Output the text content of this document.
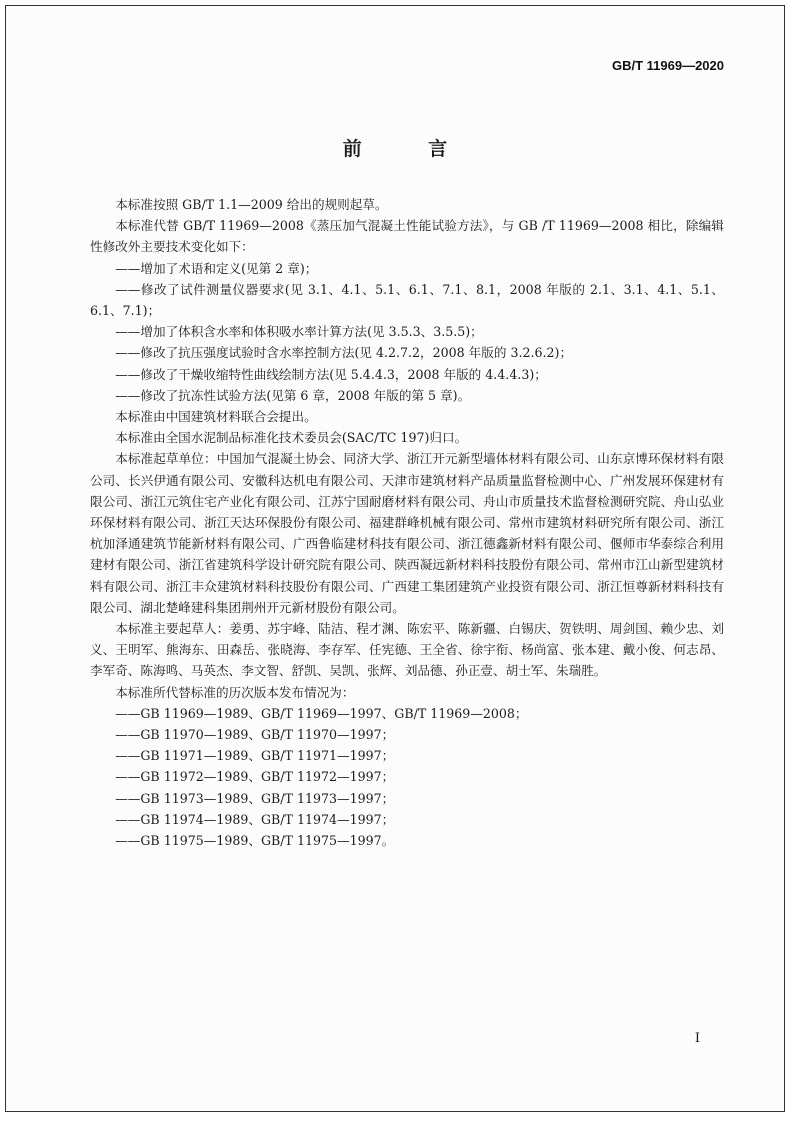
GB/T 11969—2020
前 言

本标准按照 GB/T 1.1—2009 给出的规则起草。

本标准代替 GB/T 11969—2008《蒸压加气混凝土性能试验方法》，与 GB /T 11969—2008 相比，除编辑性修改外主要技术变化如下：

——增加了术语和定义(见第 2 章)；

——修改了试件测量仪器要求(见 3.1、4.1、5.1、6.1、7.1、8.1，2008 年版的 2.1、3.1、4.1、5.1、6.1、7.1)；

——增加了体积含水率和体积吸水率计算方法(见 3.5.3、3.5.5)；

——修改了抗压强度试验时含水率控制方法(见 4.2.7.2，2008 年版的 3.2.6.2)；

——修改了干燥收缩特性曲线绘制方法(见 5.4.4.3，2008 年版的 4.4.4.3)；

——修改了抗冻性试验方法(见第 6 章，2008 年版的第 5 章)。

本标准由中国建筑材料联合会提出。

本标准由全国水泥制品标准化技术委员会(SAC/TC 197)归口。

本标准起草单位：中国加气混凝土协会、同济大学、浙江开元新型墙体材料有限公司、山东京博环保材料有限公司、长兴伊通有限公司、安徽科达机电有限公司、天津市建筑材料产品质量监督检测中心、广州发展环保建材有限公司、浙江元筑住宅产业化有限公司、江苏宁国耐磨材料有限公司、舟山市质量技术监督检测研究院、舟山弘业环保材料有限公司、浙江天达环保股份有限公司、福建群峰机械有限公司、常州市建筑材料研究所有限公司、浙江杭加泽通建筑节能新材料有限公司、广西鲁临建材科技有限公司、浙江德鑫新材料有限公司、偃师市华泰综合利用建材有限公司、浙江省建筑科学设计研究院有限公司、陕西凝远新材料科技股份有限公司、常州市江山新型建筑材料有限公司、浙江丰众建筑材料科技股份有限公司、广西建工集团建筑产业投资有限公司、浙江恒尊新材料科技有限公司、湖北楚峰建科集团荆州开元新材股份有限公司。

本标准主要起草人：姜勇、苏宇峰、陆洁、程才渊、陈宏平、陈新疆、白锡庆、贺铁明、周剑国、赖少忠、刘义、王明军、熊海东、田森岳、张晓海、李存军、任宪德、王全省、徐宇衔、杨尚富、张本建、戴小俊、何志昂、李军奇、陈海鸣、马英杰、李文智、舒凯、吴凯、张辉、刘品德、孙正壹、胡士军、朱瑞胜。

本标准所代替标准的历次版本发布情况为：

——GB 11969—1989、GB/T 11969—1997、GB/T 11969—2008；

——GB 11970—1989、GB/T 11970—1997；

——GB 11971—1989、GB/T 11971—1997；

——GB 11972—1989、GB/T 11972—1997；

——GB 11973—1989、GB/T 11973—1997；

——GB 11974—1989、GB/T 11974—1997；

——GB 11975—1989、GB/T 11975—1997。

I
